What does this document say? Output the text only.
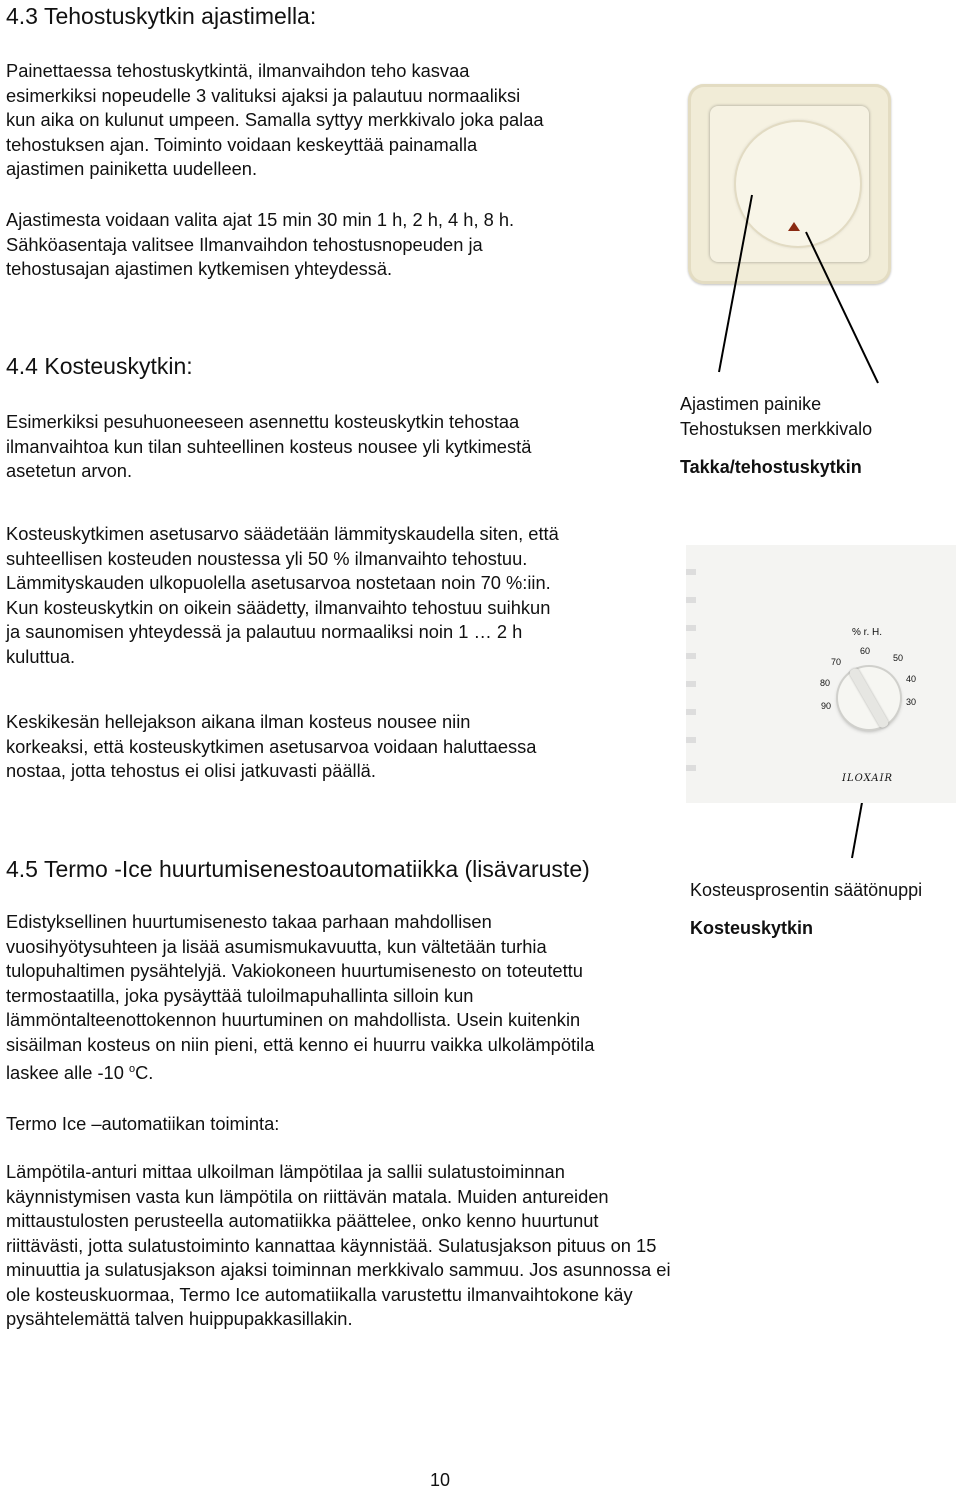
4.3 Tehostuskytkin ajastimella:

Painettaessa tehostuskytkintä, ilmanvaihdon teho kasvaa esimerkiksi nopeudelle 3 valituksi ajaksi ja palautuu normaaliksi kun aika on kulunut umpeen. Samalla syttyy merkkivalo joka palaa tehostuksen ajan. Toiminto voidaan keskeyttää painamalla ajastimen painiketta uudelleen.

Ajastimesta voidaan valita ajat 15 min 30 min 1 h, 2 h, 4 h, 8 h. Sähköasentaja valitsee Ilmanvaihdon tehostusnopeuden ja tehostusajan ajastimen kytkemisen yhteydessä.

Ajastimen painike
Tehostuksen merkkivalo
Takka/tehostuskytkin
4.4 Kosteuskytkin:

Esimerkiksi pesuhuoneeseen asennettu kosteuskytkin tehostaa ilmanvaihtoa kun tilan suhteellinen kosteus nousee yli kytkimestä asetetun arvon.

Kosteuskytkimen asetusarvo säädetään lämmityskaudella siten, että suhteellisen kosteuden noustessa yli 50 % ilmanvaihto tehostuu. Lämmityskauden ulkopuolella asetusarvoa nostetaan noin 70 %:iin. Kun kosteuskytkin on oikein säädetty, ilmanvaihto tehostuu suihkun ja saunomisen yhteydessä ja palautuu normaaliksi noin 1 … 2 h kuluttua.

Keskikesän hellejakson aikana ilman kosteus nousee niin korkeaksi, että kosteuskytkimen asetusarvoa voidaan haluttaessa nostaa, jotta tehostus ei olisi jatkuvasti päällä.

% r. H.
70
60
50
80	40
90	30
ILOXAIR
Kosteusprosentin säätönuppi
Kosteuskytkin
4.5 Termo -Ice huurtumisenestoautomatiikka (lisävaruste)

Edistyksellinen huurtumisenesto takaa parhaan mahdollisen vuosihyötysuhteen ja lisää asumismukavuutta, kun vältetään turhia tulopuhaltimen pysähtelyjä. Vakiokoneen huurtumisenesto on toteutettu termostaatilla, joka pysäyttää tuloilmapuhallinta silloin kun lämmöntalteenottokennon huurtuminen on mahdollista. Usein kuitenkin sisäilman kosteus on niin pieni, että kenno ei huurru vaikka ulkolämpötila laskee alle -10 $^o$C.

Termo Ice –automatiikan toiminta:

Lämpötila-anturi mittaa ulkoilman lämpötilaa ja sallii sulatustoiminnan käynnistymisen vasta kun lämpötila on riittävän matala. Muiden antureiden mittaustulosten perusteella automatiikka päättelee, onko kenno huurtunut riittävästi, jotta sulatustoiminto kannattaa käynnistää. Sulatusjakson pituus on 15 minuuttia ja sulatusjakson ajaksi toiminnan merkkivalo sammuu. Jos asunnossa ei ole kosteuskuormaa, Termo Ice automatiikalla varustettu ilmanvaihtokone käy pysähtelemättä talven huippupakkasillakin.

10
